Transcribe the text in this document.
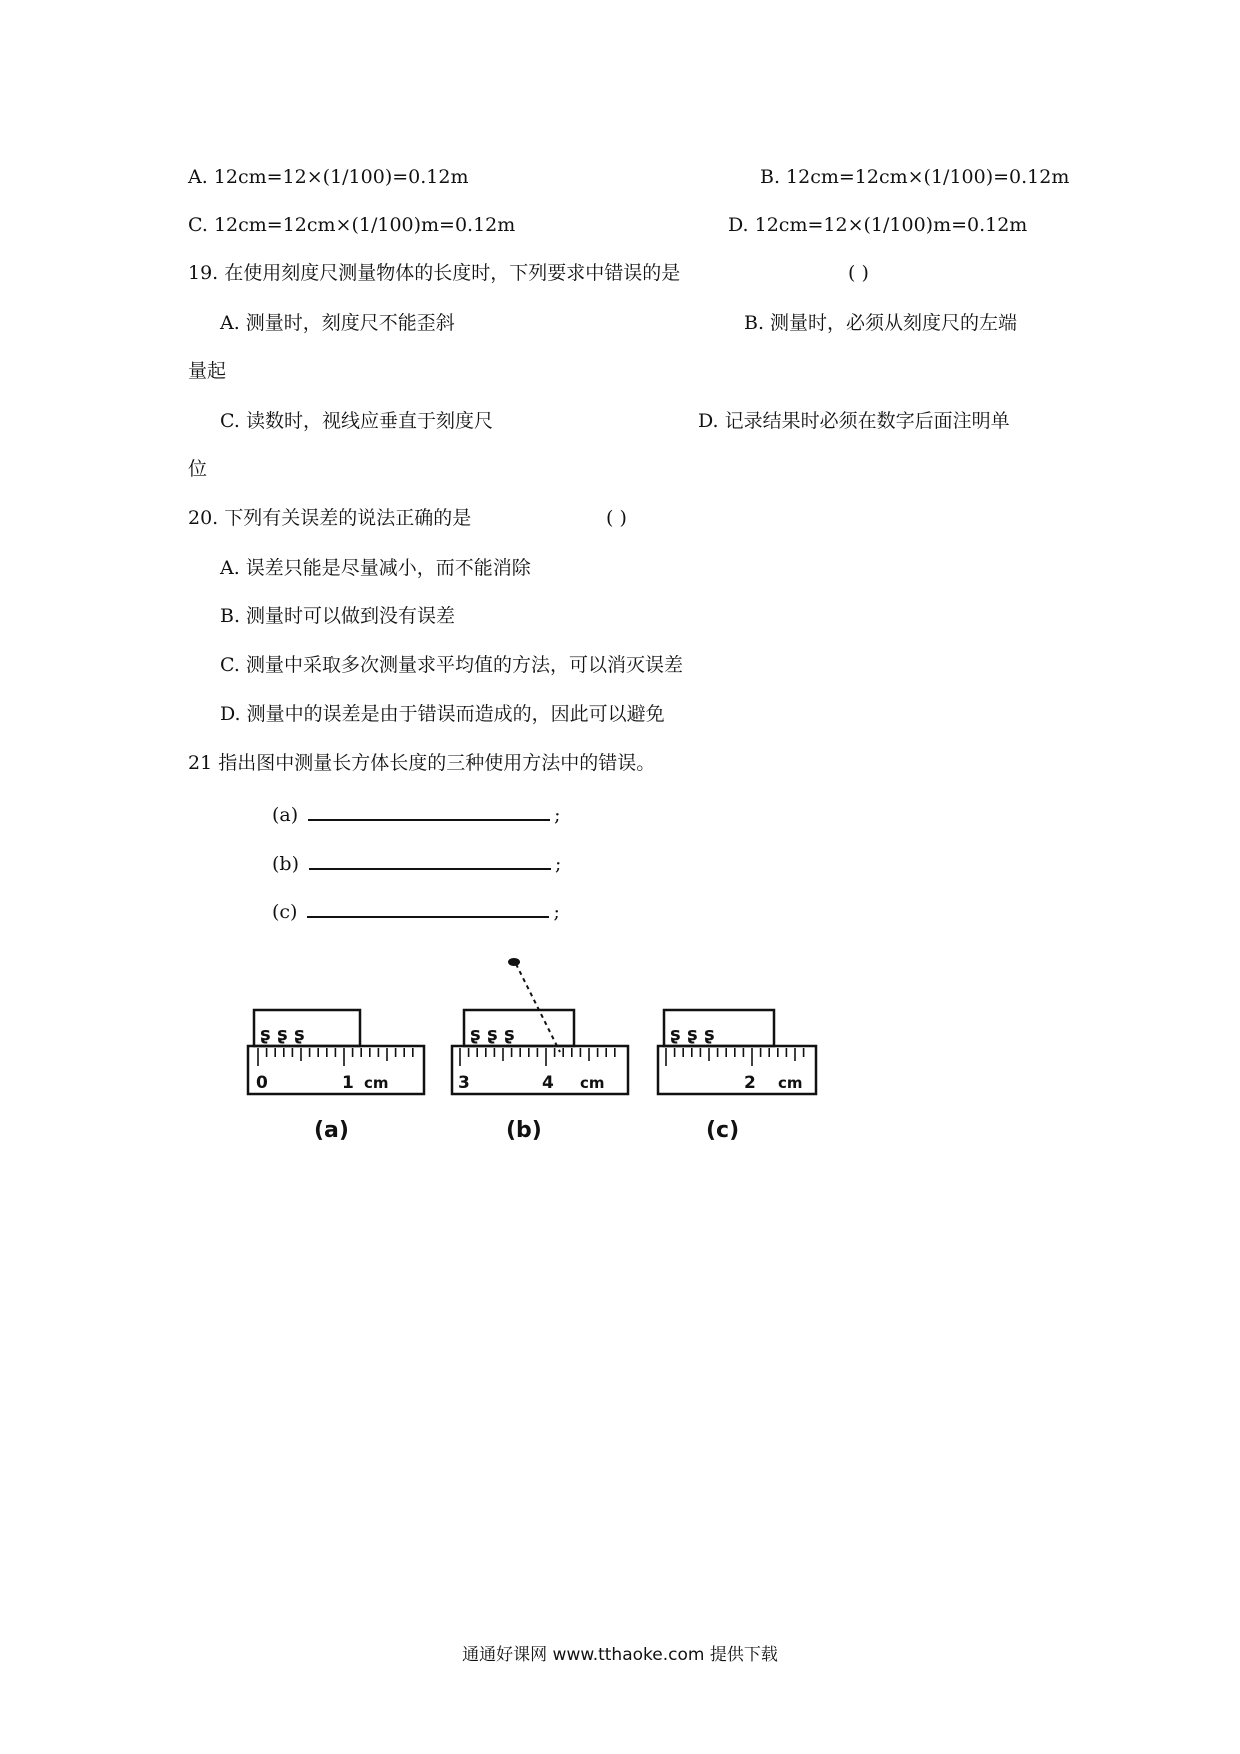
A. 12cm=12×(1/100)=0.12m	B. 12cm=12cm×(1/100)=0.12m
C. 12cm=12cm×(1/100)m=0.12m	D. 12cm=12×(1/100)m=0.12m
19. 在使用刻度尺测量物体的长度时，下列要求中错误的是	( )
A. 测量时，刻度尺不能歪斜	B. 测量时，必须从刻度尺的左端
量起
C. 读数时，视线应垂直于刻度尺	D. 记录结果时必须在数字后面注明单
位
20. 下列有关误差的说法正确的是	( )
A. 误差只能是尽量减小，而不能消除
B. 测量时可以做到没有误差
C. 测量中采取多次测量求平均值的方法，可以消灭误差
D. 测量中的误差是由于错误而造成的，因此可以避免
21 指出图中测量长方体长度的三种使用方法中的错误。
(a)	;
(b)	;
(c)	;
ʂ ʂ ʂ
0	1 cm
(a)
ʂ ʂ ʂ
3	4 cm
(b)
ʂ ʂ ʂ
2 cm
(c)
通通好课网 www.tthaoke.com 提供下载
